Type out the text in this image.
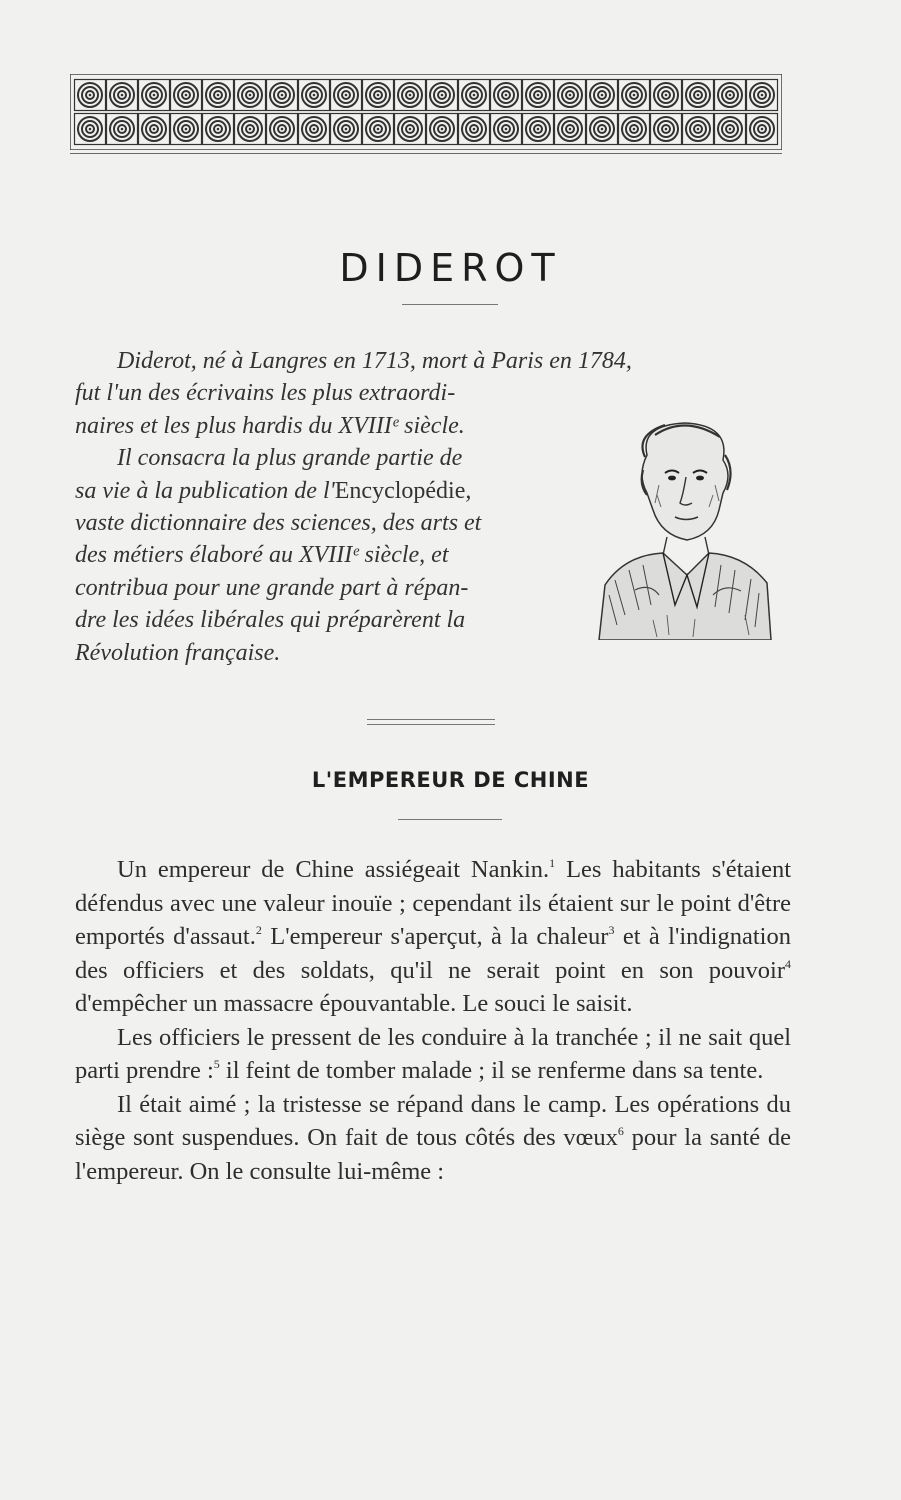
DIDEROT
Diderot, né à Langres en 1713, mort à Paris en 1784,
fut l'un des écrivains les plus extraordi-
naires et les plus hardis du XVIIIᵉ siècle.
Il consacra la plus grande partie de
sa vie à la publication de l'Encyclopédie,
vaste dictionnaire des sciences, des arts et
des métiers élaboré au XVIIIᵉ siècle, et
contribua pour une grande part à répan-
dre les idées libérales qui préparèrent la
Révolution française.
L'EMPEREUR DE CHINE

Un empereur de Chine assiégeait Nankin.$^1$ Les habitants s'étaient défendus avec une valeur inouïe ; cependant ils étaient sur le point d'être emportés d'assaut.$^2$ L'empereur s'aperçut, à la chaleur$^3$ et à l'indignation des officiers et des soldats, qu'il ne serait point en son pouvoir$^4$ d'empêcher un massacre épouvantable. Le souci le saisit.

Les officiers le pressent de les conduire à la tranchée ; il ne sait quel parti prendre :$^5$ il feint de tomber malade ; il se renferme dans sa tente.

Il était aimé ; la tristesse se répand dans le camp. Les opérations du siège sont suspendues. On fait de tous côtés des vœux$^6$ pour la santé de l'empereur. On le consulte lui-même :
